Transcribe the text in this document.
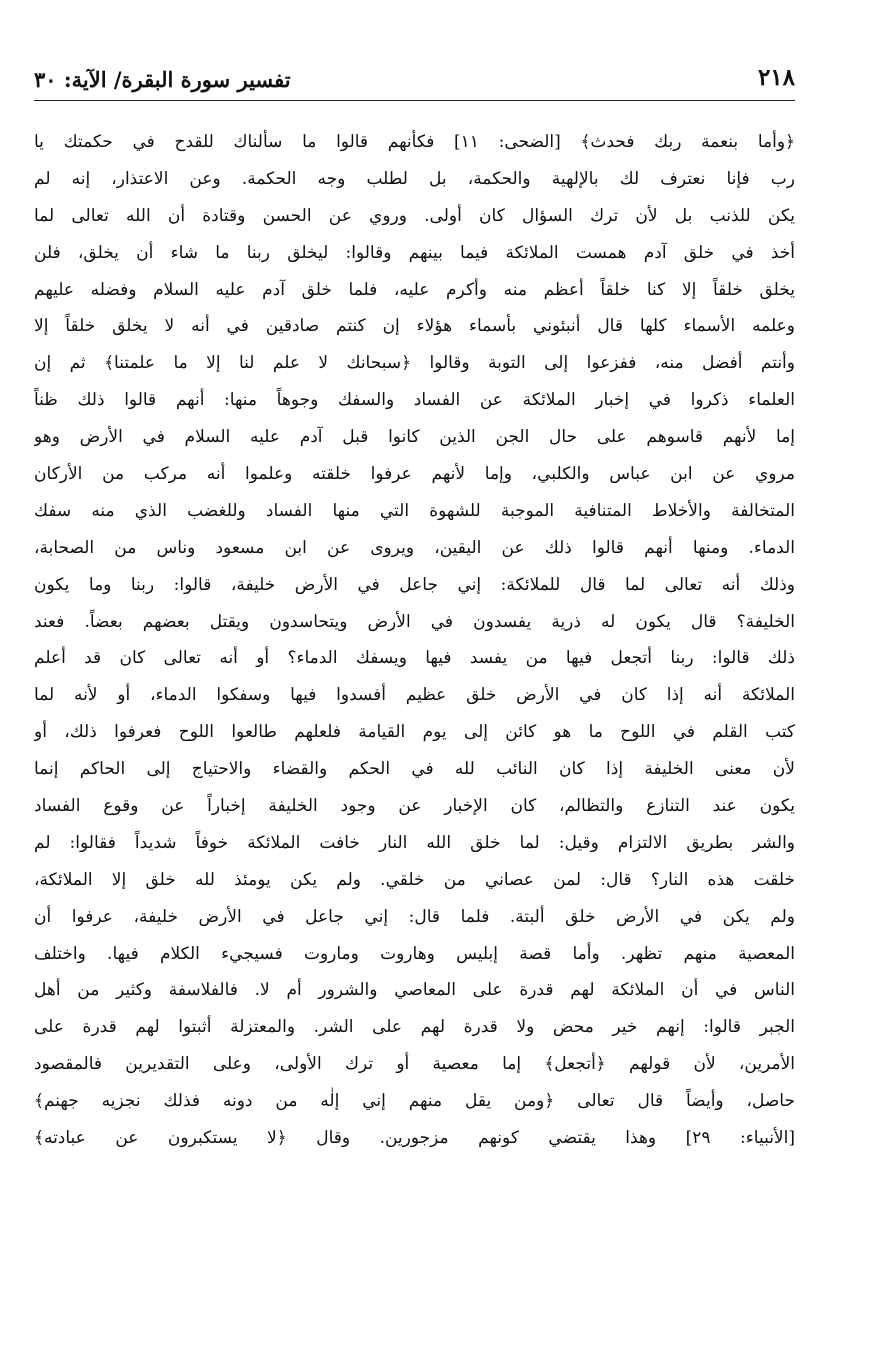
٢١٨
تفسير سورة البقرة/ الآية: ٣٠
﴿وأما بنعمة ربك فحدث﴾ [الضحى: ١١] فكأنهم قالوا ما سألناك للقدح في حكمتك يا
رب فإنا نعترف لك بالإلهية والحكمة، بل لطلب وجه الحكمة. وعن الاعتذار، إنه لم
يكن للذنب بل لأن ترك السؤال كان أولى. وروي عن الحسن وقتادة أن الله تعالى لما
أخذ في خلق آدم همست الملائكة فيما بينهم وقالوا: ليخلق ربنا ما شاء أن يخلق، فلن
يخلق خلقاً إلا كنا خلقاً أعظم منه وأكرم عليه، فلما خلق آدم عليه السلام وفضله عليهم
وعلمه الأسماء كلها قال أنبئوني بأسماء هؤلاء إن كنتم صادقين في أنه لا يخلق خلقاً إلا
وأنتم أفضل منه، ففزعوا إلى التوبة وقالوا ﴿سبحانك لا علم لنا إلا ما علمتنا﴾ ثم إن
العلماء ذكروا في إخبار الملائكة عن الفساد والسفك وجوهاً منها: أنهم قالوا ذلك ظناً
إما لأنهم قاسوهم على حال الجن الذين كانوا قبل آدم عليه السلام في الأرض وهو
مروي عن ابن عباس والكلبي، وإما لأنهم عرفوا خلقته وعلموا أنه مركب من الأركان
المتخالفة والأخلاط المتنافية الموجبة للشهوة التي منها الفساد وللغضب الذي منه سفك
الدماء. ومنها أنهم قالوا ذلك عن اليقين، ويروى عن ابن مسعود وناس من الصحابة،
وذلك أنه تعالى لما قال للملائكة: إني جاعل في الأرض خليفة، قالوا: ربنا وما يكون
الخليفة؟ قال يكون له ذرية يفسدون في الأرض ويتحاسدون ويقتل بعضهم بعضاً. فعند
ذلك قالوا: ربنا أتجعل فيها من يفسد فيها ويسفك الدماء؟ أو أنه تعالى كان قد أعلم
الملائكة أنه إذا كان في الأرض خلق عظيم أفسدوا فيها وسفكوا الدماء، أو لأنه لما
كتب القلم في اللوح ما هو كائن إلى يوم القيامة فلعلهم طالعوا اللوح فعرفوا ذلك، أو
لأن معنى الخليفة إذا كان النائب لله في الحكم والقضاء والاحتياج إلى الحاكم إنما
يكون عند التنازع والتظالم، كان الإخبار عن وجود الخليفة إخباراً عن وقوع الفساد
والشر بطريق الالتزام وقيل: لما خلق الله النار خافت الملائكة خوفاً شديداً فقالوا: لم
خلقت هذه النار؟ قال: لمن عصاني من خلقي. ولم يكن يومئذ لله خلق إلا الملائكة،
ولم يكن في الأرض خلق ألبتة. فلما قال: إني جاعل في الأرض خليفة، عرفوا أن
المعصية منهم تظهر. وأما قصة إبليس وهاروت وماروت فسيجيء الكلام فيها. واختلف
الناس في أن الملائكة لهم قدرة على المعاصي والشرور أم لا. فالفلاسفة وكثير من أهل
الجبر قالوا: إنهم خير محض ولا قدرة لهم على الشر. والمعتزلة أثبتوا لهم قدرة على
الأمرين، لأن قولهم ﴿أتجعل﴾ إما معصية أو ترك الأولى، وعلى التقديرين فالمقصود
حاصل، وأيضاً قال تعالى ﴿ومن يقل منهم إني إلٰه من دونه فذلك نجزيه جهنم﴾
[الأنبياء: ٢٩] وهذا يقتضي كونهم مزجورين. وقال ﴿لا يستكبرون عن عبادته﴾
